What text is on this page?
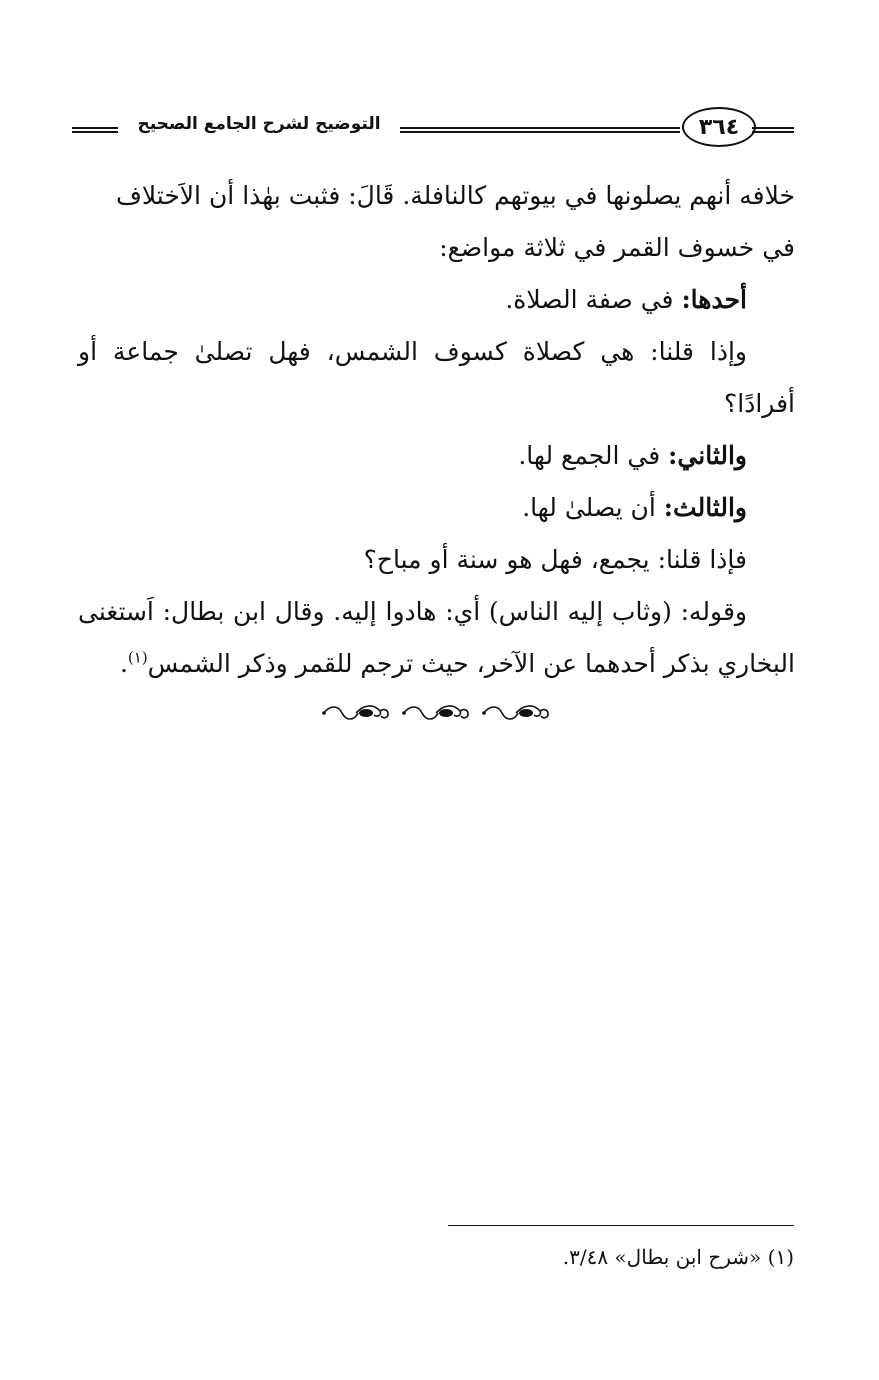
التوضيح لشرح الجامع الصحيح	٣٦٤

خلافه أنهم يصلونها في بيوتهم كالنافلة. قَالَ: فثبت بهٰذا أن الاَختلاف
في خسوف القمر في ثلاثة مواضع:

أحدها: في صفة الصلاة.

وإذا قلنا: هي كصلاة كسوف الشمس، فهل تصلىٰ جماعة أو أفرادًا؟

والثاني: في الجمع لها.

والثالث: أن يصلىٰ لها.

فإذا قلنا: يجمع، فهل هو سنة أو مباح؟

وقوله: (وثاب إليه الناس) أي: هادوا إليه. وقال ابن بطال: اَستغنى البخاري بذكر أحدهما عن الآخر، حيث ترجم للقمر وذكر الشمس$^{(١)}$.

(١) «شرح ابن بطال» ٣/٤٨.
